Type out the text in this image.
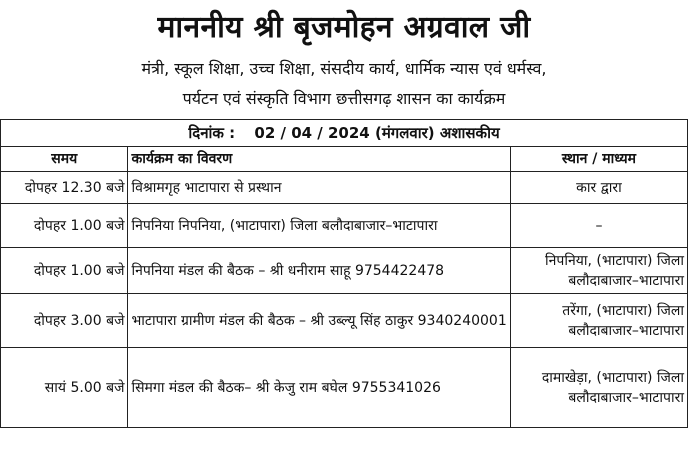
माननीय श्री बृजमोहन अग्रवाल जी
मंत्री, स्कूल शिक्षा, उच्च शिक्षा, संसदीय कार्य, धार्मिक न्यास एवं धर्मस्व,
पर्यटन एवं संस्कृति विभाग छत्तीसगढ़ शासन का कार्यक्रम
दिनांक : 02 / 04 / 2024 (मंगलवार) अशासकीय		
समय	कार्यक्रम का विवरण	स्थान / माध्यम
दोपहर 12.30 बजे	विश्रामगृह भाटापारा से प्रस्थान	कार द्वारा
दोपहर 1.00 बजे	निपनिया निपनिया, (भाटापारा) जिला बलौदाबाजार–भाटापारा	–
दोपहर 1.00 बजे	निपनिया मंडल की बैठक – श्री धनीराम साहू 9754422478	निपनिया, (भाटापारा) जिला बलौदाबाजार–भाटापारा
दोपहर 3.00 बजे	भाटापारा ग्रामीण मंडल की बैठक – श्री उब्ल्यू सिंह ठाकुर 9340240001	तरेंगा, (भाटापारा) जिला बलौदाबाजार–भाटापारा
सायं 5.00 बजे	सिमगा मंडल की बैठक– श्री केजु राम बघेल 9755341026	दामाखेड़ा, (भाटापारा) जिला बलौदाबाजार–भाटापारा
